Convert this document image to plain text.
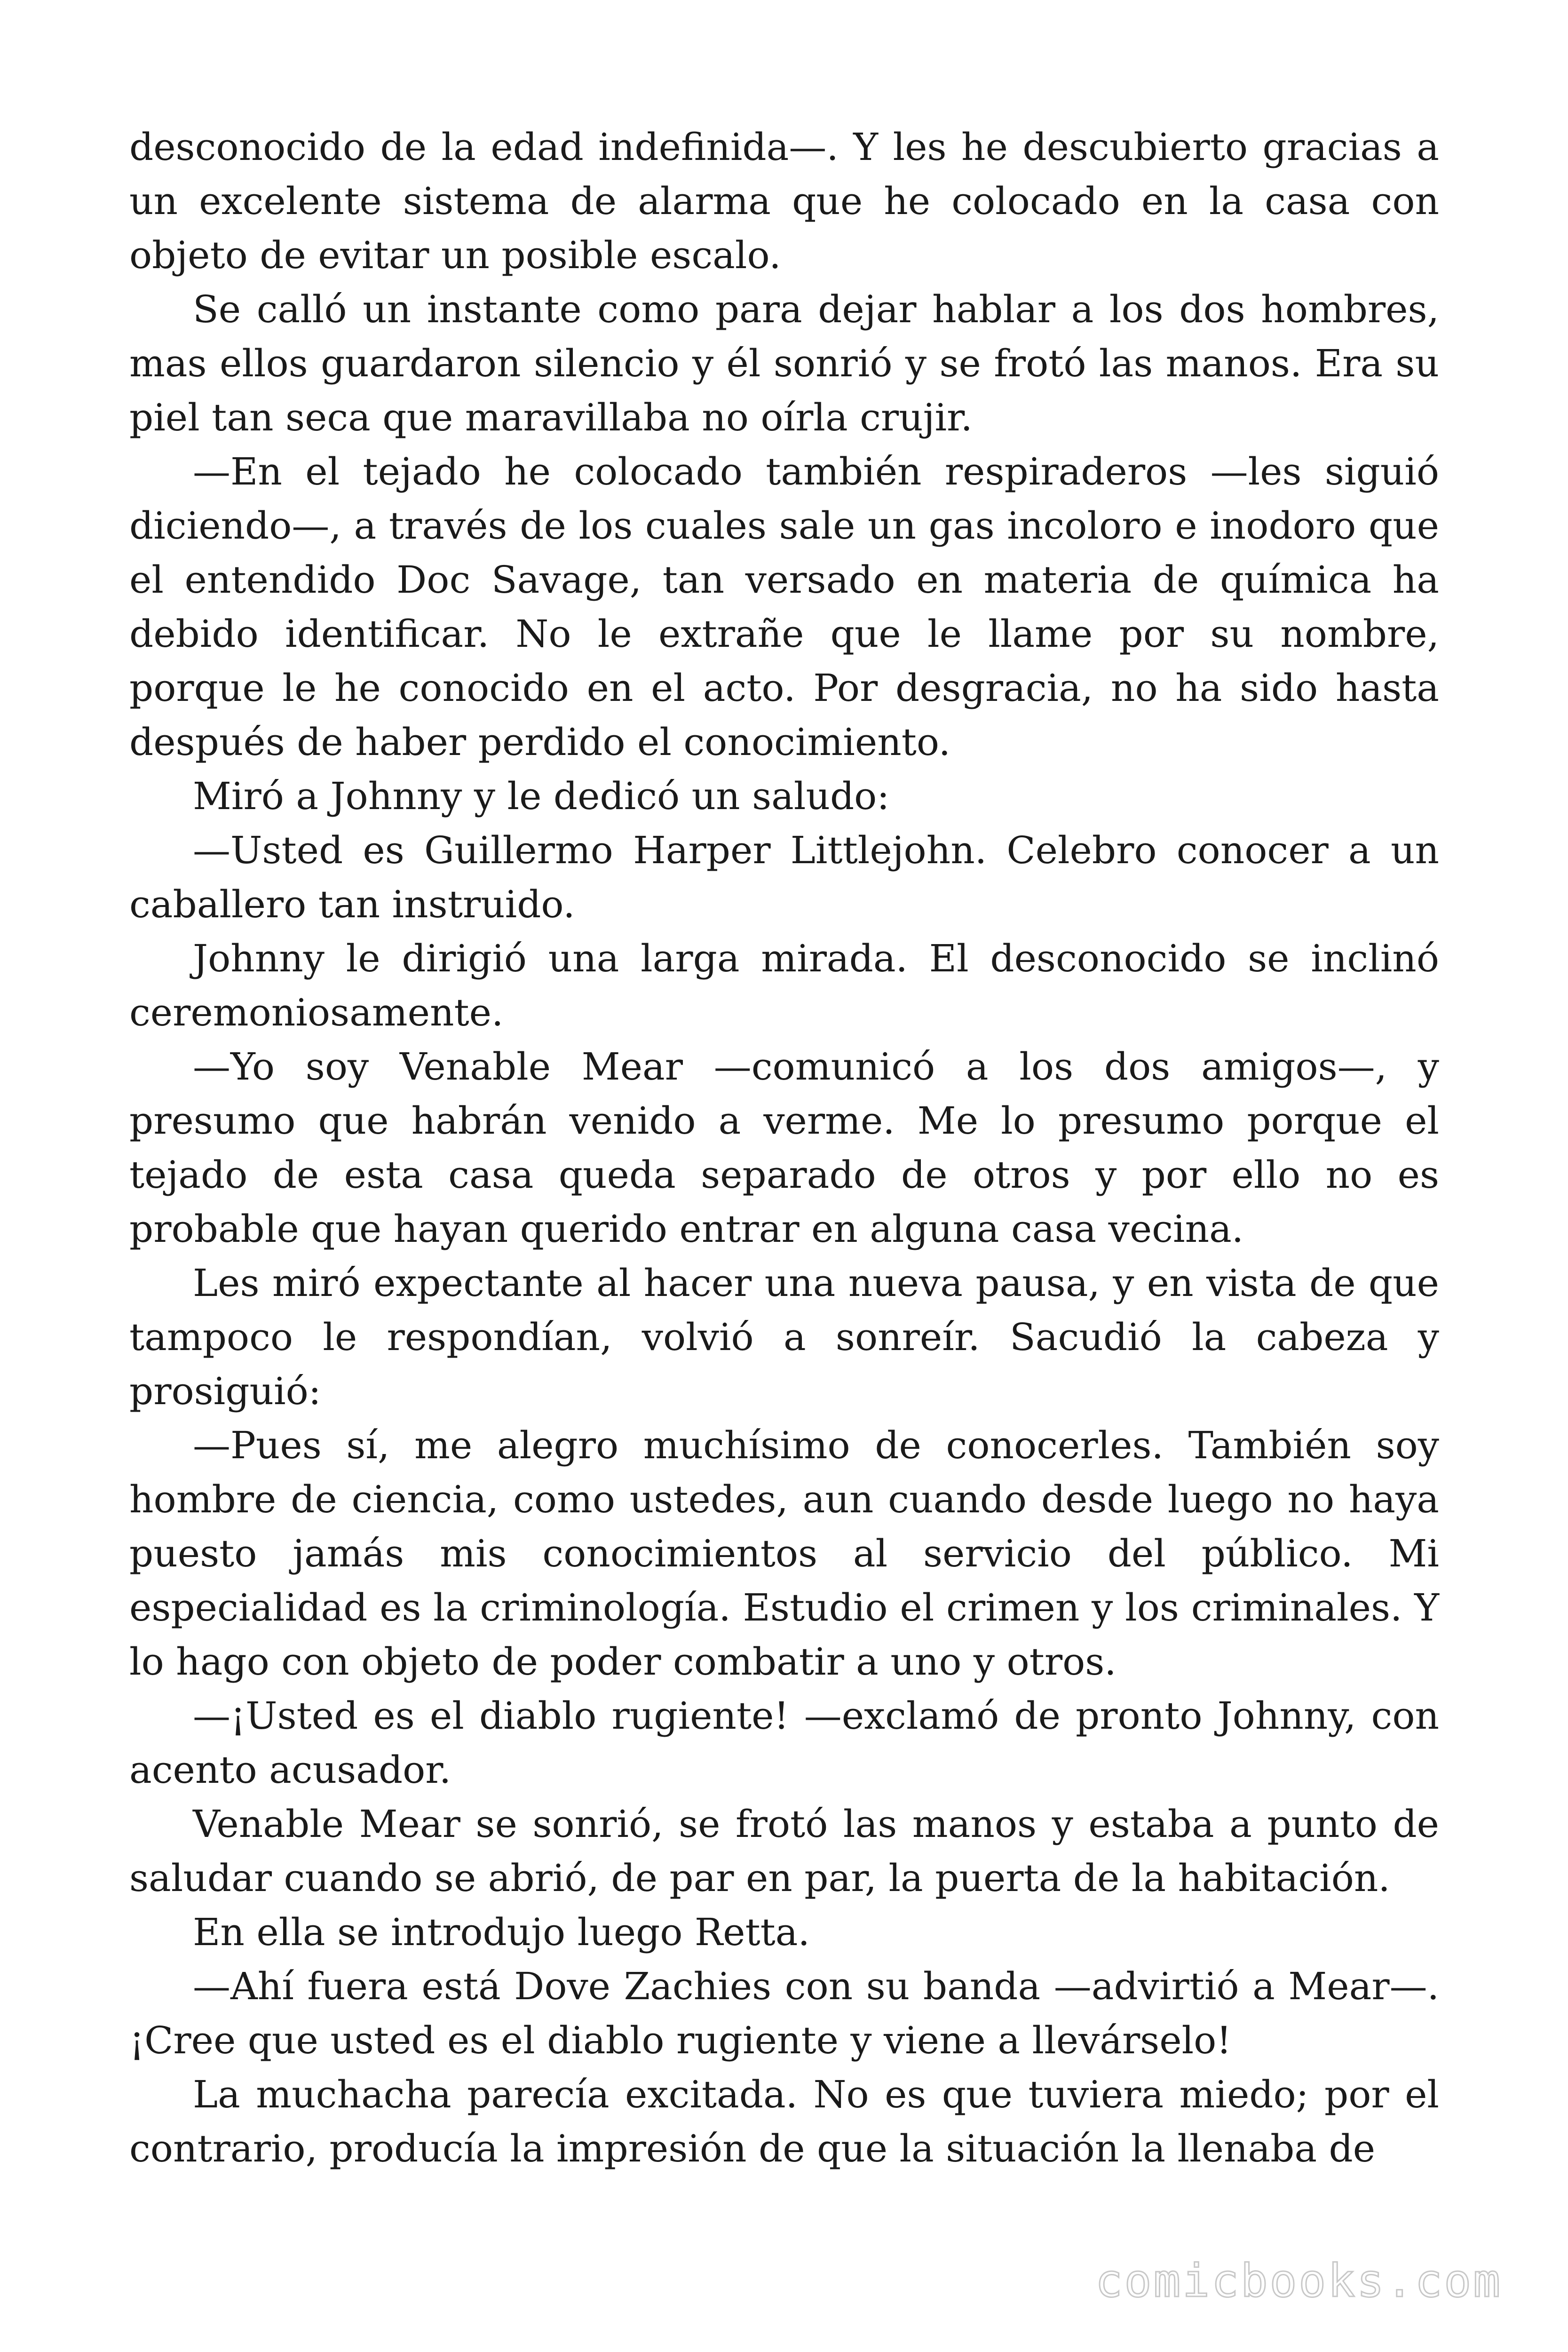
desconocido de la edad indefinida—. Y les he descubierto gracias a un excelente sistema de alarma que he colocado en la casa con objeto de evitar un posible escalo.

Se calló un instante como para dejar hablar a los dos hombres, mas ellos guardaron silencio y él sonrió y se frotó las manos. Era su piel tan seca que maravillaba no oírla crujir.

—En el tejado he colocado también respiraderos —les siguió diciendo—, a través de los cuales sale un gas incoloro e inodoro que el entendido Doc Savage, tan versado en materia de química ha debido identificar. No le extrañe que le llame por su nombre, porque le he conocido en el acto. Por desgracia, no ha sido hasta después de haber perdido el conocimiento.

Miró a Johnny y le dedicó un saludo:

—Usted es Guillermo Harper Littlejohn. Celebro conocer a un caballero tan instruido.

Johnny le dirigió una larga mirada. El desconocido se inclinó ceremoniosamente.

—Yo soy Venable Mear —comunicó a los dos amigos—, y presumo que habrán venido a verme. Me lo presumo porque el tejado de esta casa queda separado de otros y por ello no es probable que hayan querido entrar en alguna casa vecina.

Les miró expectante al hacer una nueva pausa, y en vista de que tampoco le respondían, volvió a sonreír. Sacudió la cabeza y prosiguió:

—Pues sí, me alegro muchísimo de conocerles. También soy hombre de ciencia, como ustedes, aun cuando desde luego no haya puesto jamás mis conocimientos al servicio del público. Mi especialidad es la criminología. Estudio el crimen y los criminales. Y lo hago con objeto de poder combatir a uno y otros.

—¡Usted es el diablo rugiente! —exclamó de pronto Johnny, con acento acusador.

Venable Mear se sonrió, se frotó las manos y estaba a punto de saludar cuando se abrió, de par en par, la puerta de la habitación.

En ella se introdujo luego Retta.

—Ahí fuera está Dove Zachies con su banda —advirtió a Mear—. ¡Cree que usted es el diablo rugiente y viene a llevárselo!

La muchacha parecía excitada. No es que tuviera miedo; por el contrario, producía la impresión de que la situación la llenaba de

comicbooks.com
